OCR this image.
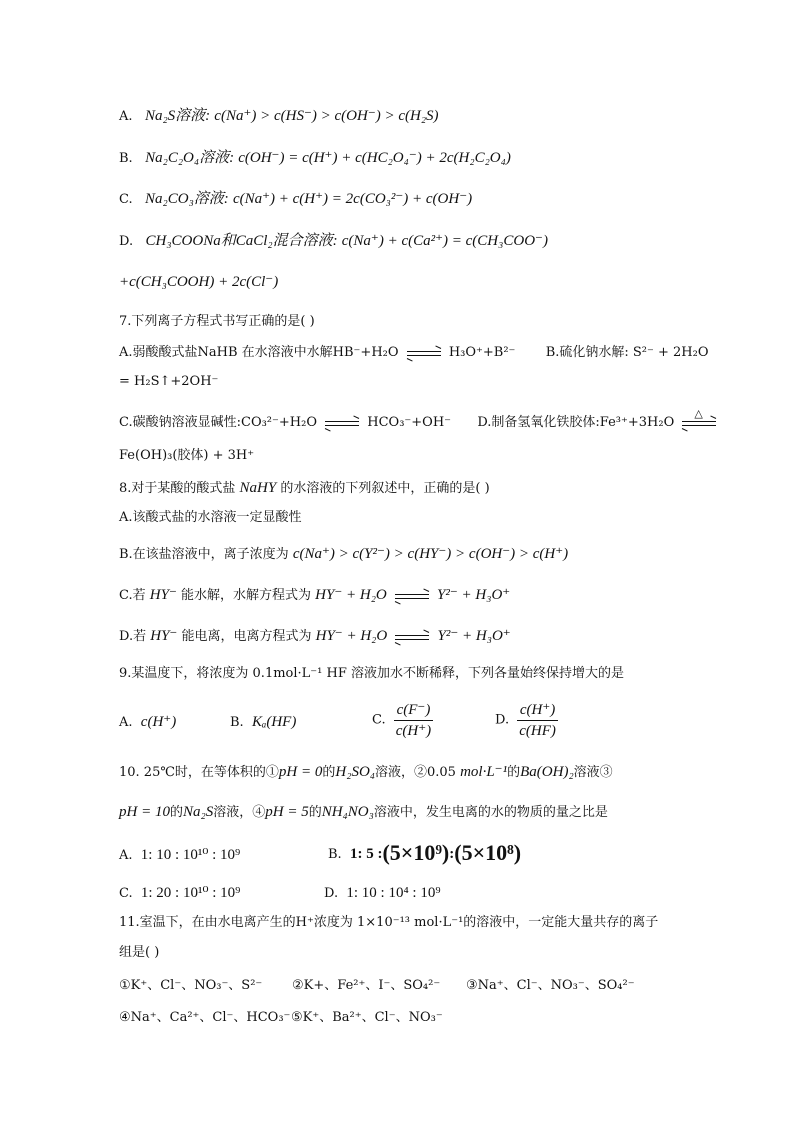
A. Na₂S溶液: c(Na⁺) > c(HS⁻) > c(OH⁻) > c(H₂S)
B. Na₂C₂O₄溶液: c(OH⁻) = c(H⁺) + c(HC₂O₄⁻) + 2c(H₂C₂O₄)
C. Na₂CO₃溶液: c(Na⁺) + c(H⁺) = 2c(CO₃²⁻) + c(OH⁻)
D. CH₃COONa和CaCl₂混合溶液: c(Na⁺) + c(Ca²⁺) = c(CH₃COO⁻)
+c(CH₃COOH) + 2c(Cl⁻)
7.下列离子方程式书写正确的是( )
A.弱酸酸式盐NaHB 在水溶液中水解HB⁻+H₂O	H₃O⁺+B²⁻ B.硫化钠水解: S²⁻ + 2H₂O
= H₂S↑+2OH⁻
C.碳酸钠溶液显碱性:CO₃²⁻+H₂O	HCO₃⁻+OH⁻ D.制备氢氧化铁胶体:Fe³⁺+3H₂O
△
Fe(OH)₃(胶体) + 3H⁺
8.对于某酸的酸式盐 NaHY 的水溶液的下列叙述中，正确的是( )
A.该酸式盐的水溶液一定显酸性
B.在该盐溶液中，离子浓度为 c(Na⁺) > c(Y²⁻) > c(HY⁻) > c(OH⁻) > c(H⁺)
C.若 HY⁻ 能水解，水解方程式为 HY⁻ + H₂O	Y²⁻ + H₃O⁺
D.若 HY⁻ 能电离，电离方程式为 HY⁻ + H₂O	Y²⁻ + H₃O⁺
9.某温度下，将浓度为 0.1mol·L⁻¹ HF 溶液加水不断稀释，下列各量始终保持增大的是
A. c(H⁺)	B. Kₐ(HF)	C. $\frac{c(F^-)}{c(H^+)}$	D. $\frac{c(H^+)}{c(HF)}$
10. 25℃时，在等体积的①pH = 0的H₂SO₄溶液，②0.05 mol·L⁻¹的Ba(OH)₂溶液③
pH = 10的Na₂S溶液，④pH = 5的NH₄NO₃溶液中，发生电离的水的物质的量之比是
A. 1: 10 : 10¹⁰ : 10⁹	B. 1: 5 :(5×10⁹):(5×10⁸)
C. 1: 20 : 10¹⁰ : 10⁹	D. 1: 10 : 10⁴ : 10⁹
11.室温下，在由水电离产生的H⁺浓度为 1×10⁻¹³ mol·L⁻¹的溶液中，一定能大量共存的离子
组是( )
①K⁺、Cl⁻、NO₃⁻、S²⁻ ②K+、Fe²⁺、I⁻、SO₄²⁻ ③Na⁺、Cl⁻、NO₃⁻、SO₄²⁻
④Na⁺、Ca²⁺、Cl⁻、HCO₃⁻ ⑤K⁺、Ba²⁺、Cl⁻、NO₃⁻
